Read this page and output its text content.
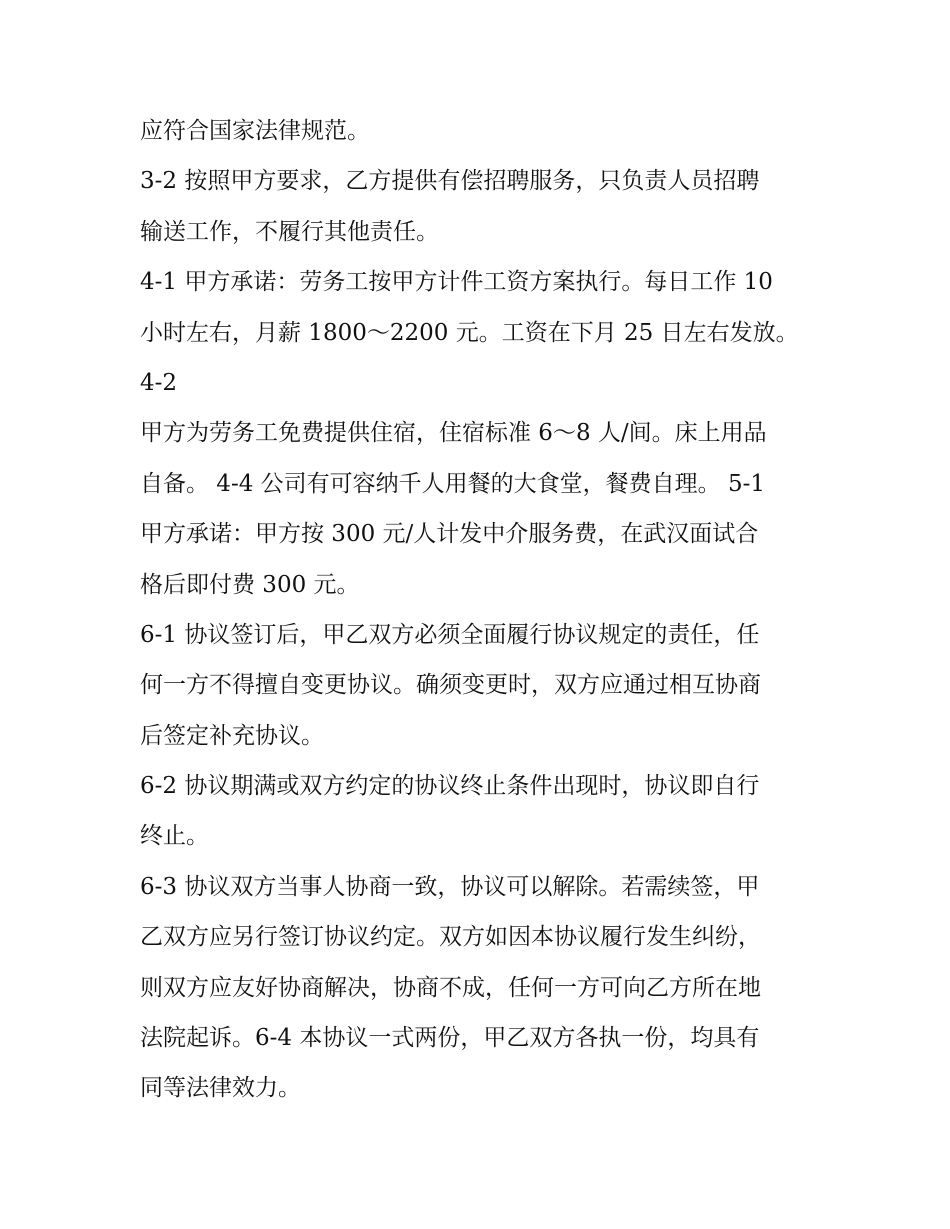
应符合国家法律规范。
3-2 按照甲方要求，乙方提供有偿招聘服务，只负责人员招聘
输送工作，不履行其他责任。
4-1 甲方承诺：劳务工按甲方计件工资方案执行。每日工作 10
小时左右，月薪 1800～2200 元。工资在下月 25 日左右发放。
4-2
甲方为劳务工免费提供住宿，住宿标准 6～8 人/间。床上用品
自备。 4-4 公司有可容纳千人用餐的大食堂，餐费自理。 5-1
甲方承诺：甲方按 300 元/人计发中介服务费，在武汉面试合
格后即付费 300 元。
6-1 协议签订后，甲乙双方必须全面履行协议规定的责任，任
何一方不得擅自变更协议。确须变更时，双方应通过相互协商
后签定补充协议。
6-2 协议期满或双方约定的协议终止条件出现时，协议即自行
终止。
6-3 协议双方当事人协商一致，协议可以解除。若需续签，甲
乙双方应另行签订协议约定。双方如因本协议履行发生纠纷，
则双方应友好协商解决，协商不成，任何一方可向乙方所在地
法院起诉。6-4 本协议一式两份，甲乙双方各执一份，均具有
同等法律效力。
